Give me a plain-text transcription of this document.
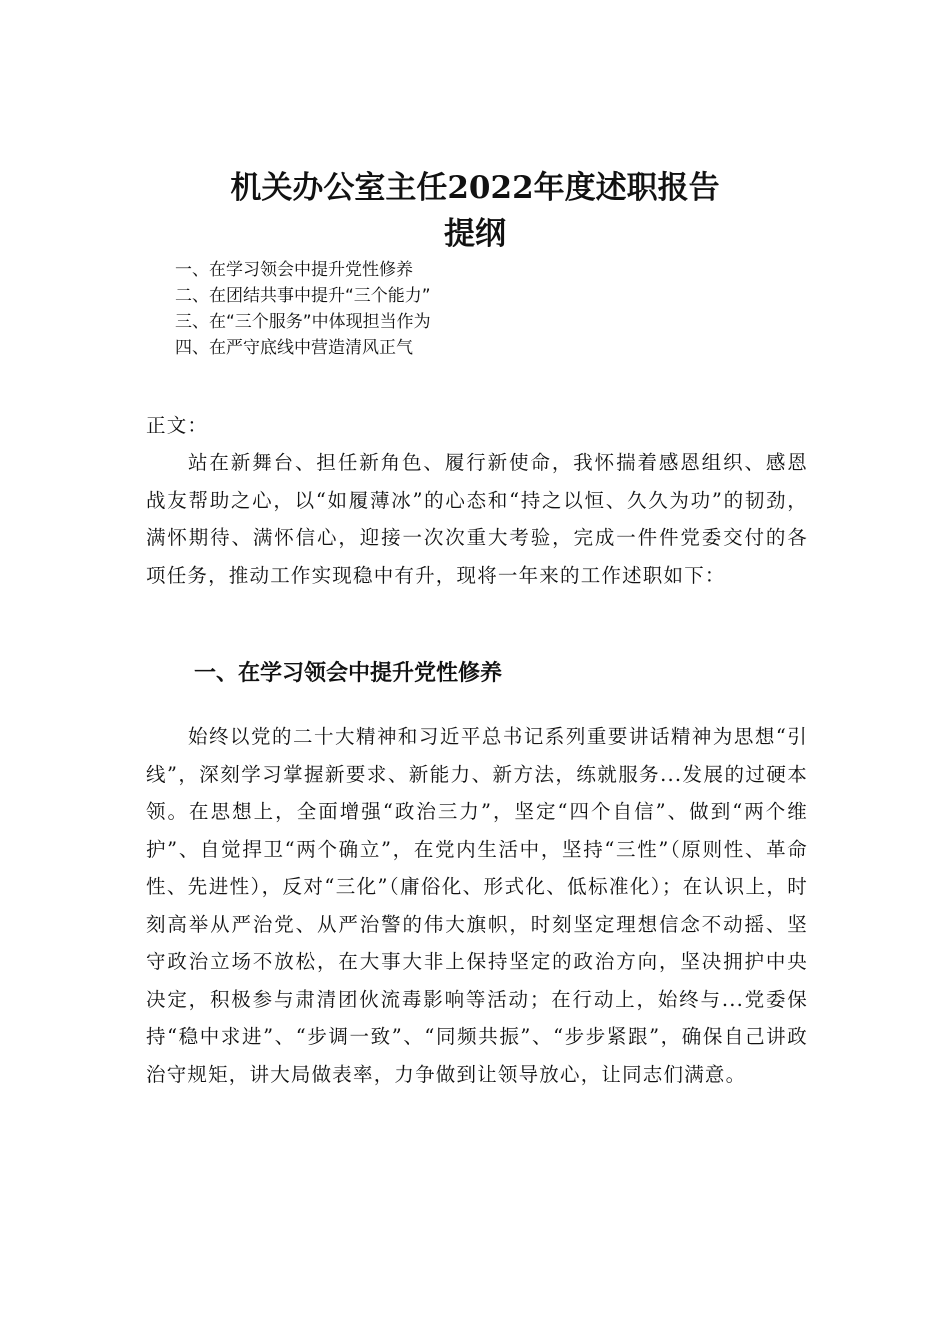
机关办公室主任2022年度述职报告
提纲
一、在学习领会中提升党性修养
二、在团结共事中提升“三个能力”
三、在“三个服务”中体现担当作为
四、在严守底线中营造清风正气

正文：

站在新舞台、担任新角色、履行新使命，我怀揣着感恩组织、感恩战友帮助之心，以“如履薄冰”的心态和“持之以恒、久久为功”的韧劲，满怀期待、满怀信心，迎接一次次重大考验，完成一件件党委交付的各项任务，推动工作实现稳中有升，现将一年来的工作述职如下：

一、在学习领会中提升党性修养

始终以党的二十大精神和习近平总书记系列重要讲话精神为思想“引线”，深刻学习掌握新要求、新能力、新方法，练就服务...发展的过硬本领。在思想上，全面增强“政治三力”，坚定“四个自信”、做到“两个维护”、自觉捍卫“两个确立”，在党内生活中，坚持“三性”（原则性、革命性、先进性），反对“三化”（庸俗化、形式化、低标准化）；在认识上，时刻高举从严治党、从严治警的伟大旗帜，时刻坚定理想信念不动摇、坚守政治立场不放松，在大事大非上保持坚定的政治方向，坚决拥护中央决定，积极参与肃清团伙流毒影响等活动；在行动上，始终与...党委保持“稳中求进”、“步调一致”、“同频共振”、“步步紧跟”，确保自己讲政治守规矩，讲大局做表率，力争做到让领导放心，让同志们满意。
